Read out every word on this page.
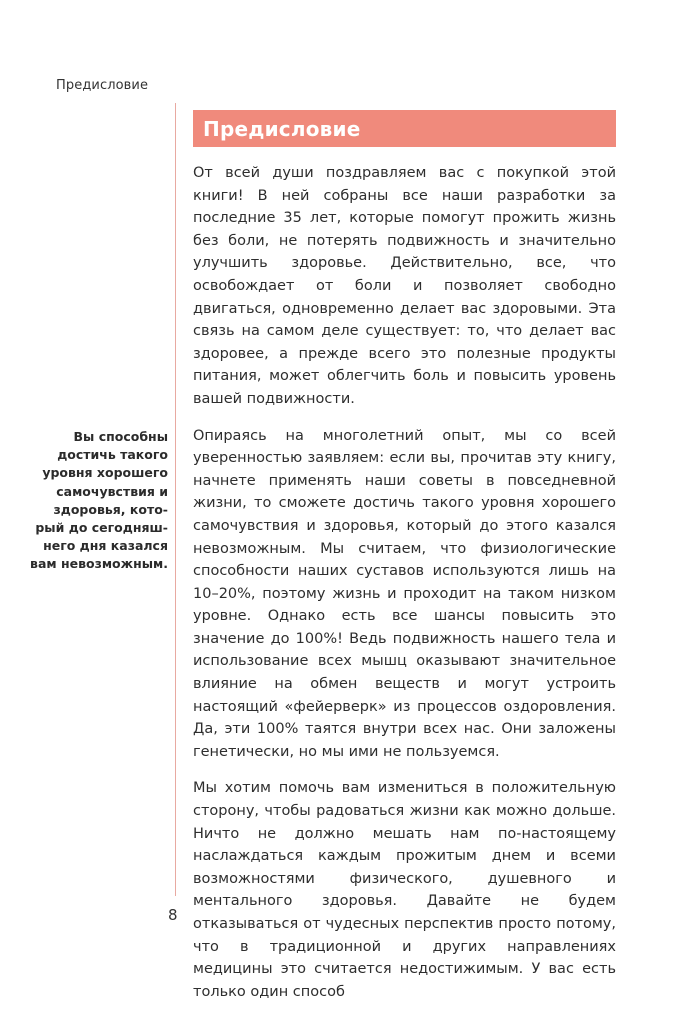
Предисловие
Предисловие
Вы способны достичь такого уровня хорошего самочувствия и здоровья, который до сегодняшнего дня казался вам невозможным.

От всей души поздравляем вас с покупкой этой книги! В ней собраны все наши разработки за последние 35 лет, которые помогут прожить жизнь без боли, не потерять подвижность и значительно улучшить здоровье. Действительно, все, что освобождает от боли и позволяет свободно двигаться, одновременно делает вас здоровыми. Эта связь на самом деле существует: то, что делает вас здоровее, а прежде всего это полезные продукты питания, может облегчить боль и повысить уровень вашей подвижности.

Опираясь на многолетний опыт, мы со всей уверенностью заявляем: если вы, прочитав эту книгу, начнете применять наши советы в повседневной жизни, то сможете достичь такого уровня хорошего самочувствия и здоровья, который до этого казался невозможным. Мы считаем, что физиологические способности наших суставов используются лишь на 10–20%, поэтому жизнь и проходит на таком низком уровне. Однако есть все шансы повысить это значение до 100%! Ведь подвижность нашего тела и использование всех мышц оказывают значительное влияние на обмен веществ и могут устроить настоящий «фейерверк» из процессов оздоровления. Да, эти 100% таятся внутри всех нас. Они заложены генетически, но мы ими не пользуемся.

Мы хотим помочь вам измениться в положительную сторону, чтобы радоваться жизни как можно дольше. Ничто не должно мешать нам по-настоящему наслаждаться каждым прожитым днем и всеми возможностями физического, душевного и ментального здоровья. Давайте не будем отказываться от чудесных перспектив просто потому, что в традиционной и других направлениях медицины это считается недостижимым. У вас есть только один способ

8
